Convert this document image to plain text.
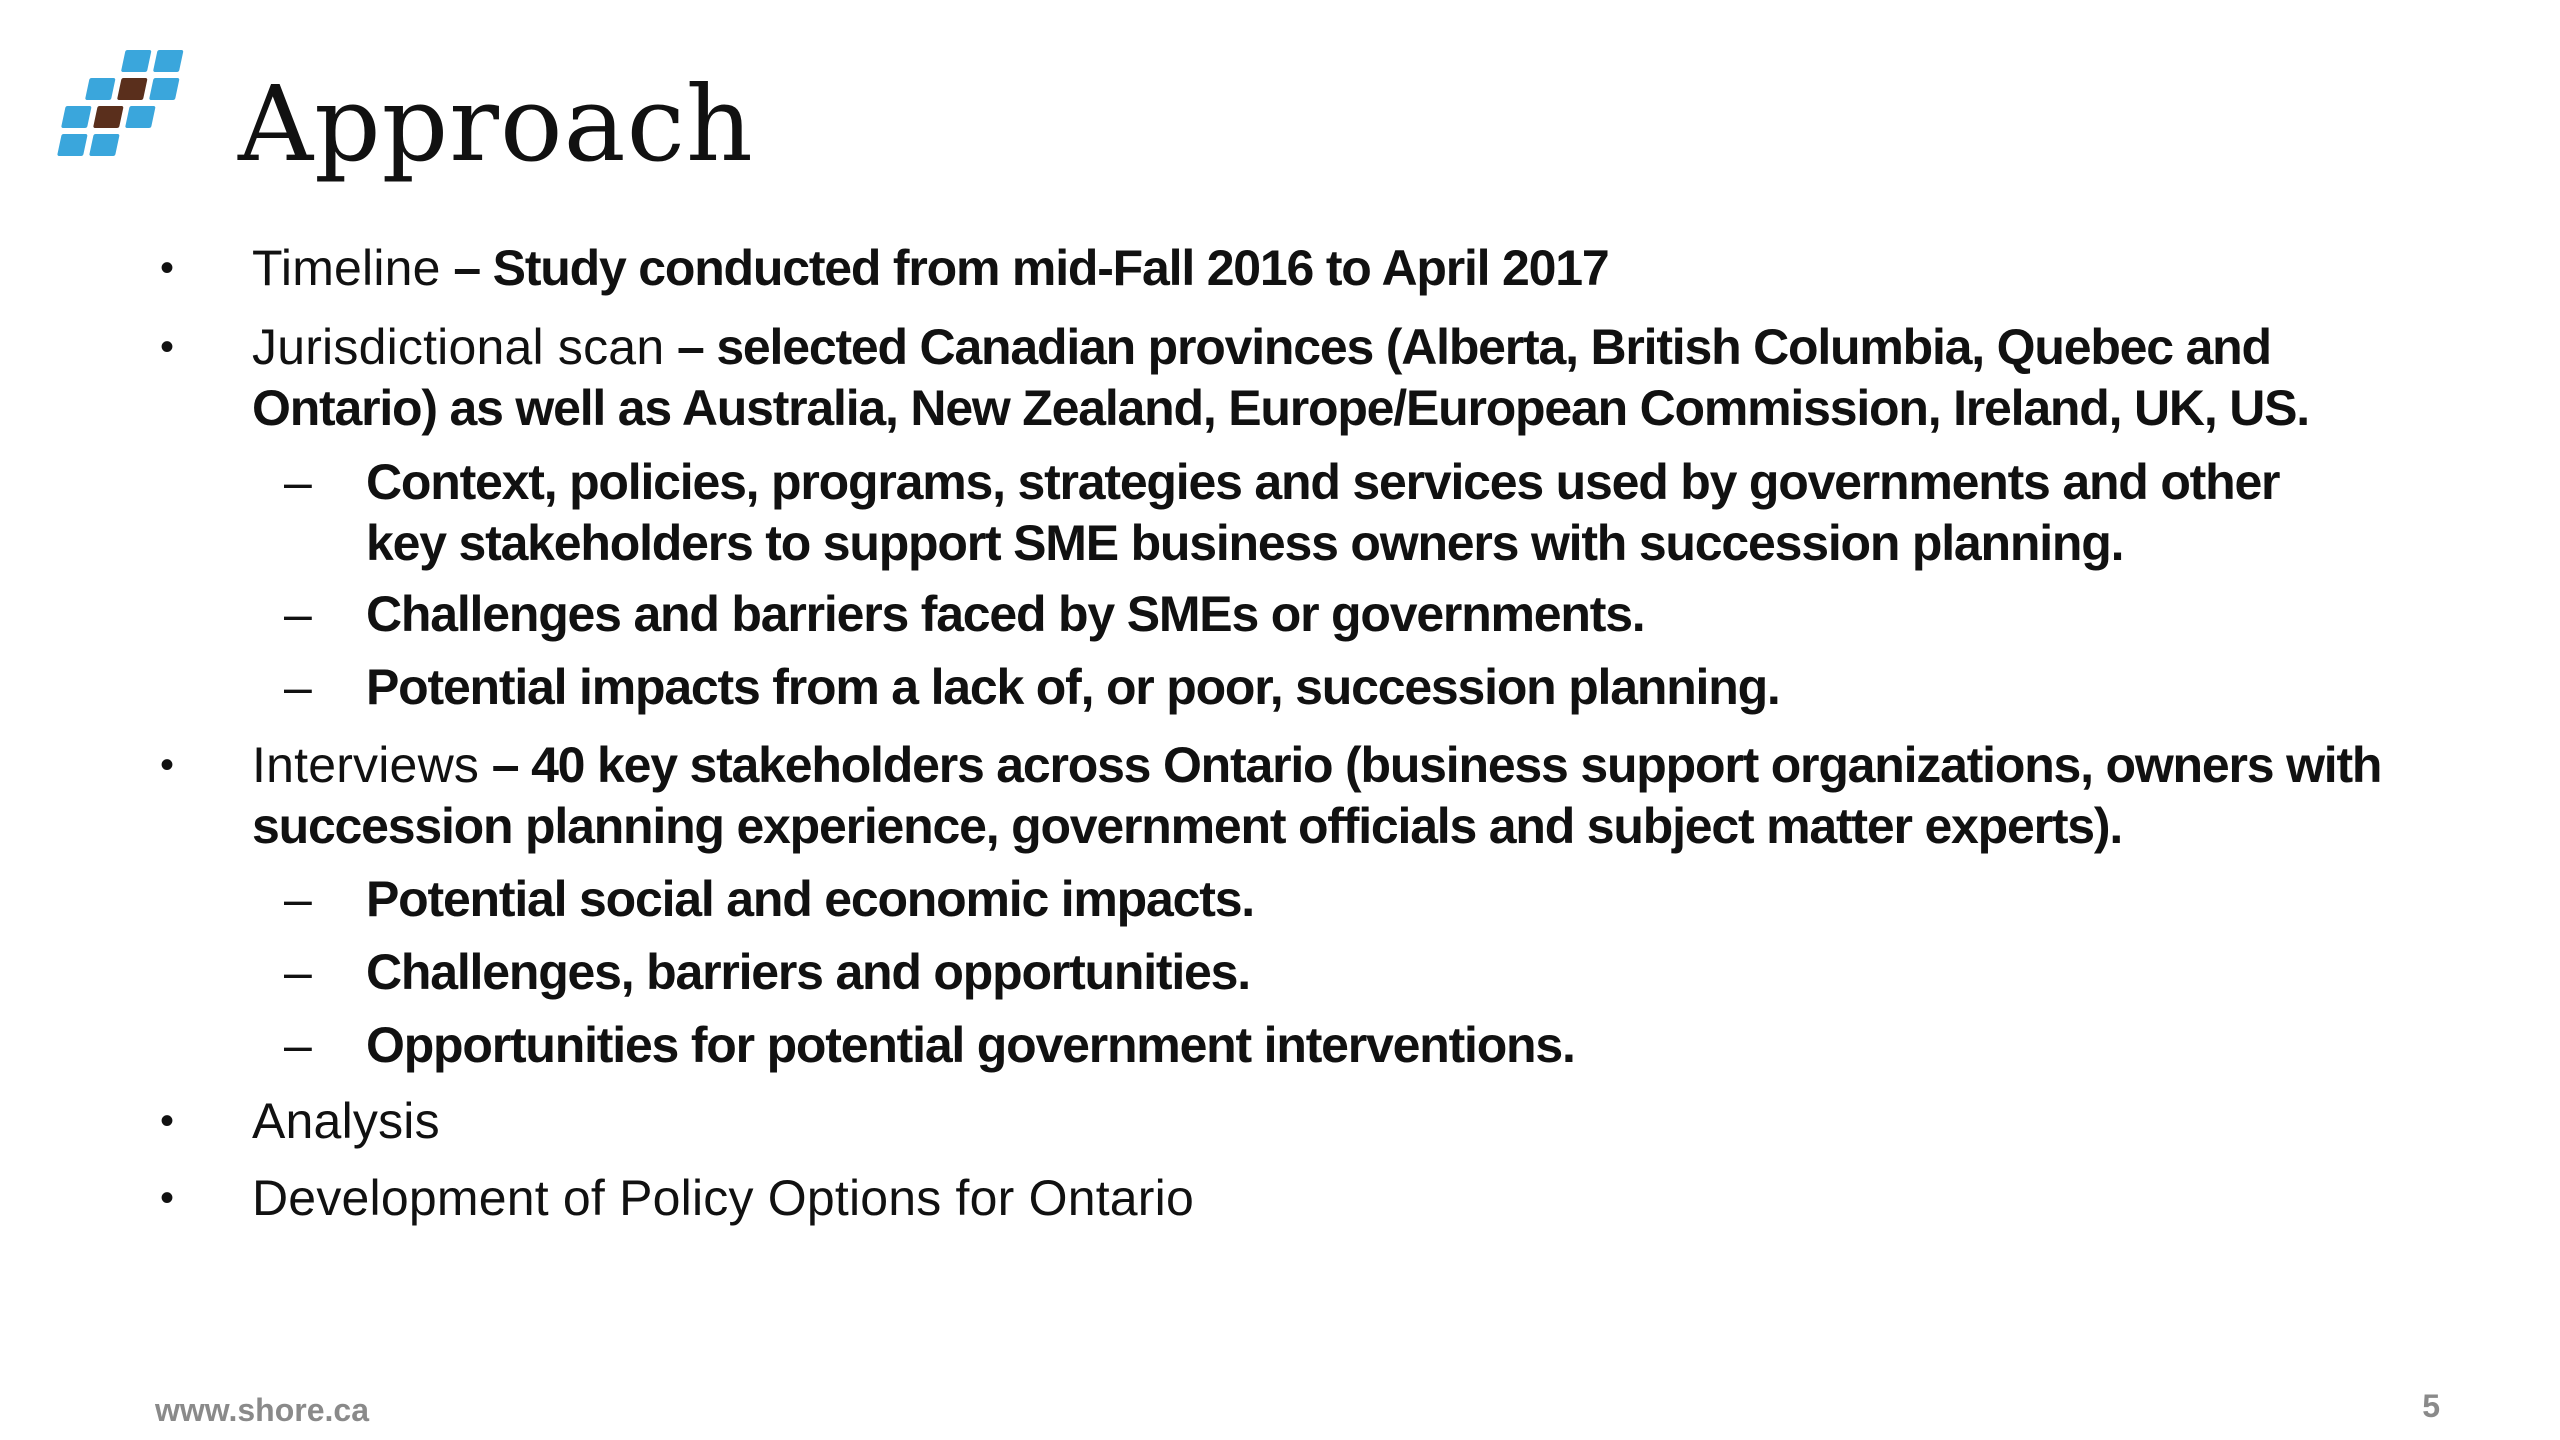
Approach
• Timeline – Study conducted from mid-Fall 2016 to April 2017
• Jurisdictional scan – selected Canadian provinces (Alberta, British Columbia, Quebec and Ontario) as well as Australia, New Zealand, Europe/European Commission, Ireland, UK, US.
– Context, policies, programs, strategies and services used by governments and other key stakeholders to support SME business owners with succession planning.
– Challenges and barriers faced by SMEs or governments.
– Potential impacts from a lack of, or poor, succession planning.
• Interviews – 40 key stakeholders across Ontario (business support organizations, owners with succession planning experience, government officials and subject matter experts).
– Potential social and economic impacts.
– Challenges, barriers and opportunities.
– Opportunities for potential government interventions.
• Analysis
• Development of Policy Options for Ontario
www.shore.ca	5
